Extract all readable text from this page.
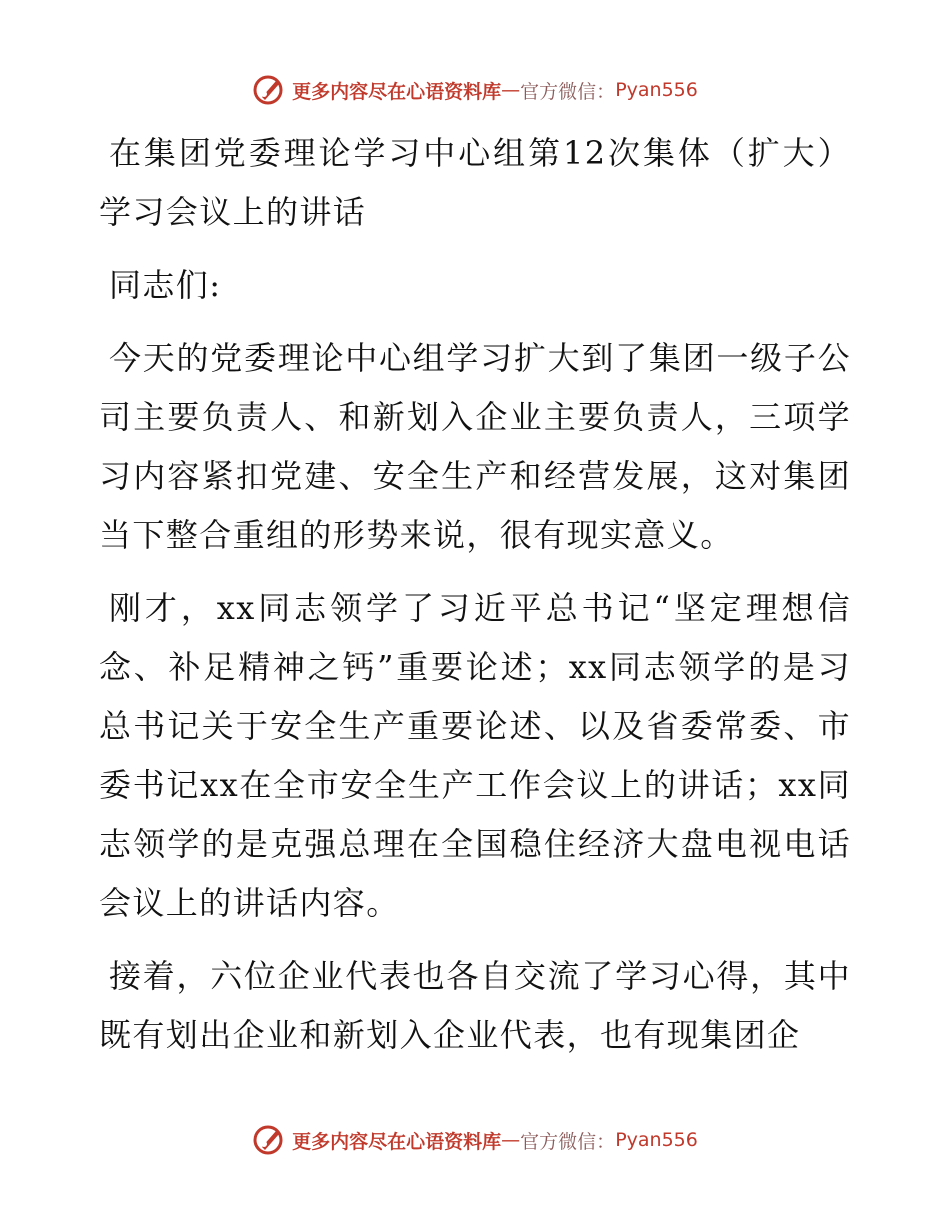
更多内容尽在心语资料库 — 官方微信： Pyan556

在集团党委理论学习中心组第12次集体（扩大）学习会议上的讲话

同志们:

今天的党委理论中心组学习扩大到了集团一级子公司主要负责人、和新划入企业主要负责人，三项学习内容紧扣党建、安全生产和经营发展，这对集团当下整合重组的形势来说，很有现实意义。

刚才，xx同志领学了习近平总书记“坚定理想信念、补足精神之钙”重要论述；xx同志领学的是习总书记关于安全生产重要论述、以及省委常委、市委书记xx在全市安全生产工作会议上的讲话；xx同志领学的是克强总理在全国稳住经济大盘电视电话会议上的讲话内容。

接着，六位企业代表也各自交流了学习心得，其中既有划出企业和新划入企业代表，也有现集团企

更多内容尽在心语资料库 — 官方微信： Pyan556
